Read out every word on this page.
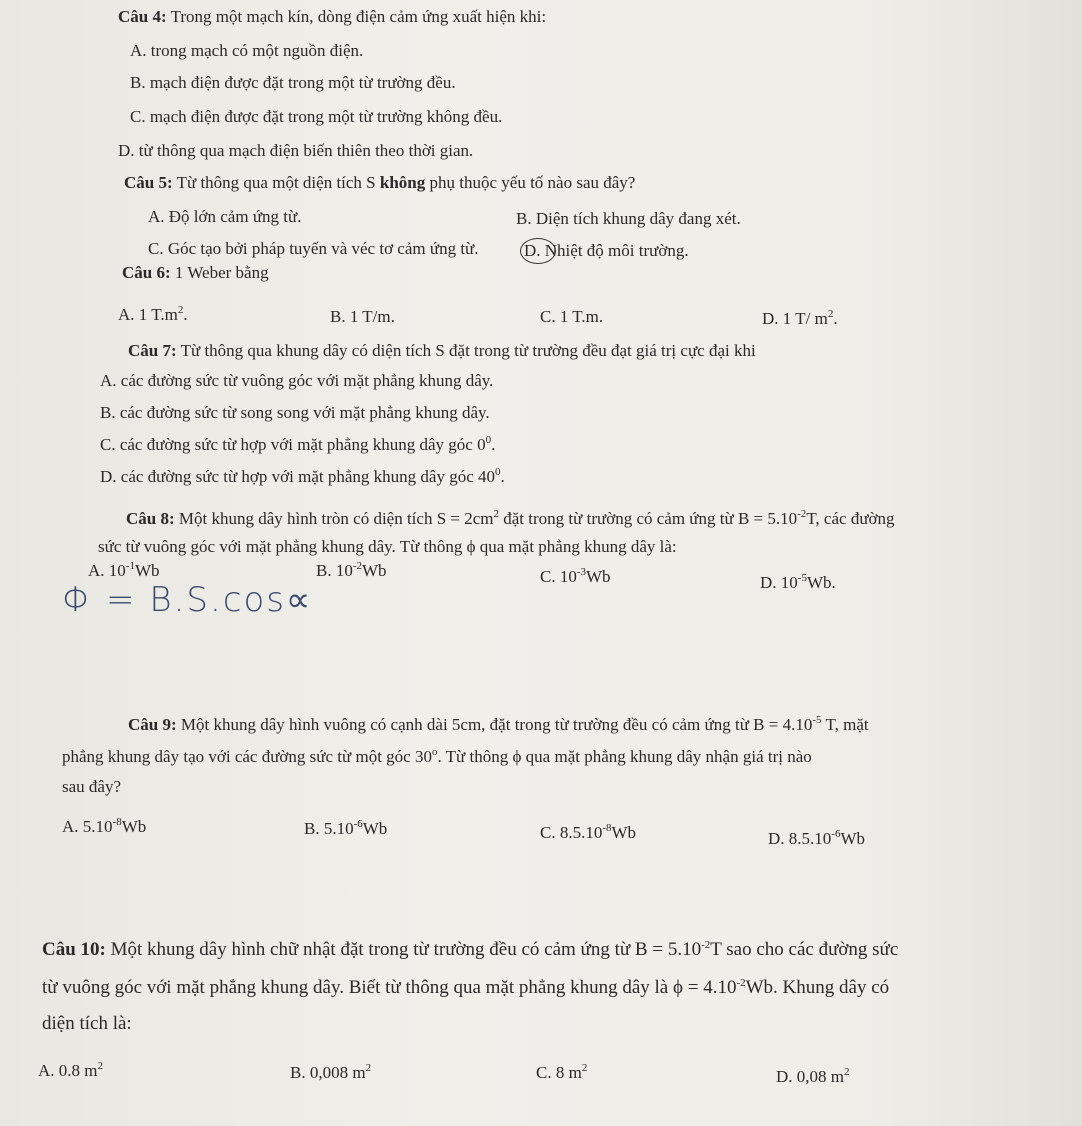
Câu 4: Trong một mạch kín, dòng điện cảm ứng xuất hiện khi:
A. trong mạch có một nguồn điện.
B. mạch điện được đặt trong một từ trường đều.
C. mạch điện được đặt trong một từ trường không đều.
D. từ thông qua mạch điện biến thiên theo thời gian.
Câu 5: Từ thông qua một diện tích S không phụ thuộc yếu tố nào sau đây?
A. Độ lớn cảm ứng từ.	B. Diện tích khung dây đang xét.
C. Góc tạo bởi pháp tuyến và véc tơ cảm ứng từ.	D. Nhiệt độ môi trường.
Câu 6: 1 Weber bằng
A. 1 $T.m^2$.	B. 1 T/m.	C. 1 T.m.	D. 1 T/ $m^2$.
Câu 7: Từ thông qua khung dây có diện tích S đặt trong từ trường đều đạt giá trị cực đại khi
A. các đường sức từ vuông góc với mặt phẳng khung dây.
B. các đường sức từ song song với mặt phẳng khung dây.
C. các đường sức từ hợp với mặt phẳng khung dây góc $0^0$.
D. các đường sức từ hợp với mặt phẳng khung dây góc $40^0$.
Câu 8: Một khung dây hình tròn có diện tích $S = 2cm^2$ đặt trong từ trường có cảm ứng từ $B = 5.10^{-2}T$, các đường
sức từ vuông góc với mặt phẳng khung dây. Từ thông ϕ qua mặt phẳng khung dây là:
A. $10^{-1}Wb$	B. $10^{-2}Wb$	C. $10^{-3}Wb$	D. $10^{-5}Wb$.
Φ = B.S.cos∝
Câu 9: Một khung dây hình vuông có cạnh dài 5cm, đặt trong từ trường đều có cảm ứng từ $B = 4.10^{-5}$ T, mặt
phẳng khung dây tạo với các đường sức từ một góc 30$^o$. Từ thông ϕ qua mặt phẳng khung dây nhận giá trị nào
sau đây?
A. $5.10^{-8}Wb$	B. $5.10^{-6}Wb$	C. $8.5.10^{-8}Wb$	D. $8.5.10^{-6}Wb$
Câu 10: Một khung dây hình chữ nhật đặt trong từ trường đều có cảm ứng từ $B = 5.10^{-2}T$ sao cho các đường sức
từ vuông góc với mặt phẳng khung dây. Biết từ thông qua mặt phẳng khung dây là $\phi = 4.10^{-2}Wb$. Khung dây có
diện tích là:
A. 0.8 $m^2$	B. 0,008 $m^2$	C. 8 $m^2$	D. 0,08 $m^2$
